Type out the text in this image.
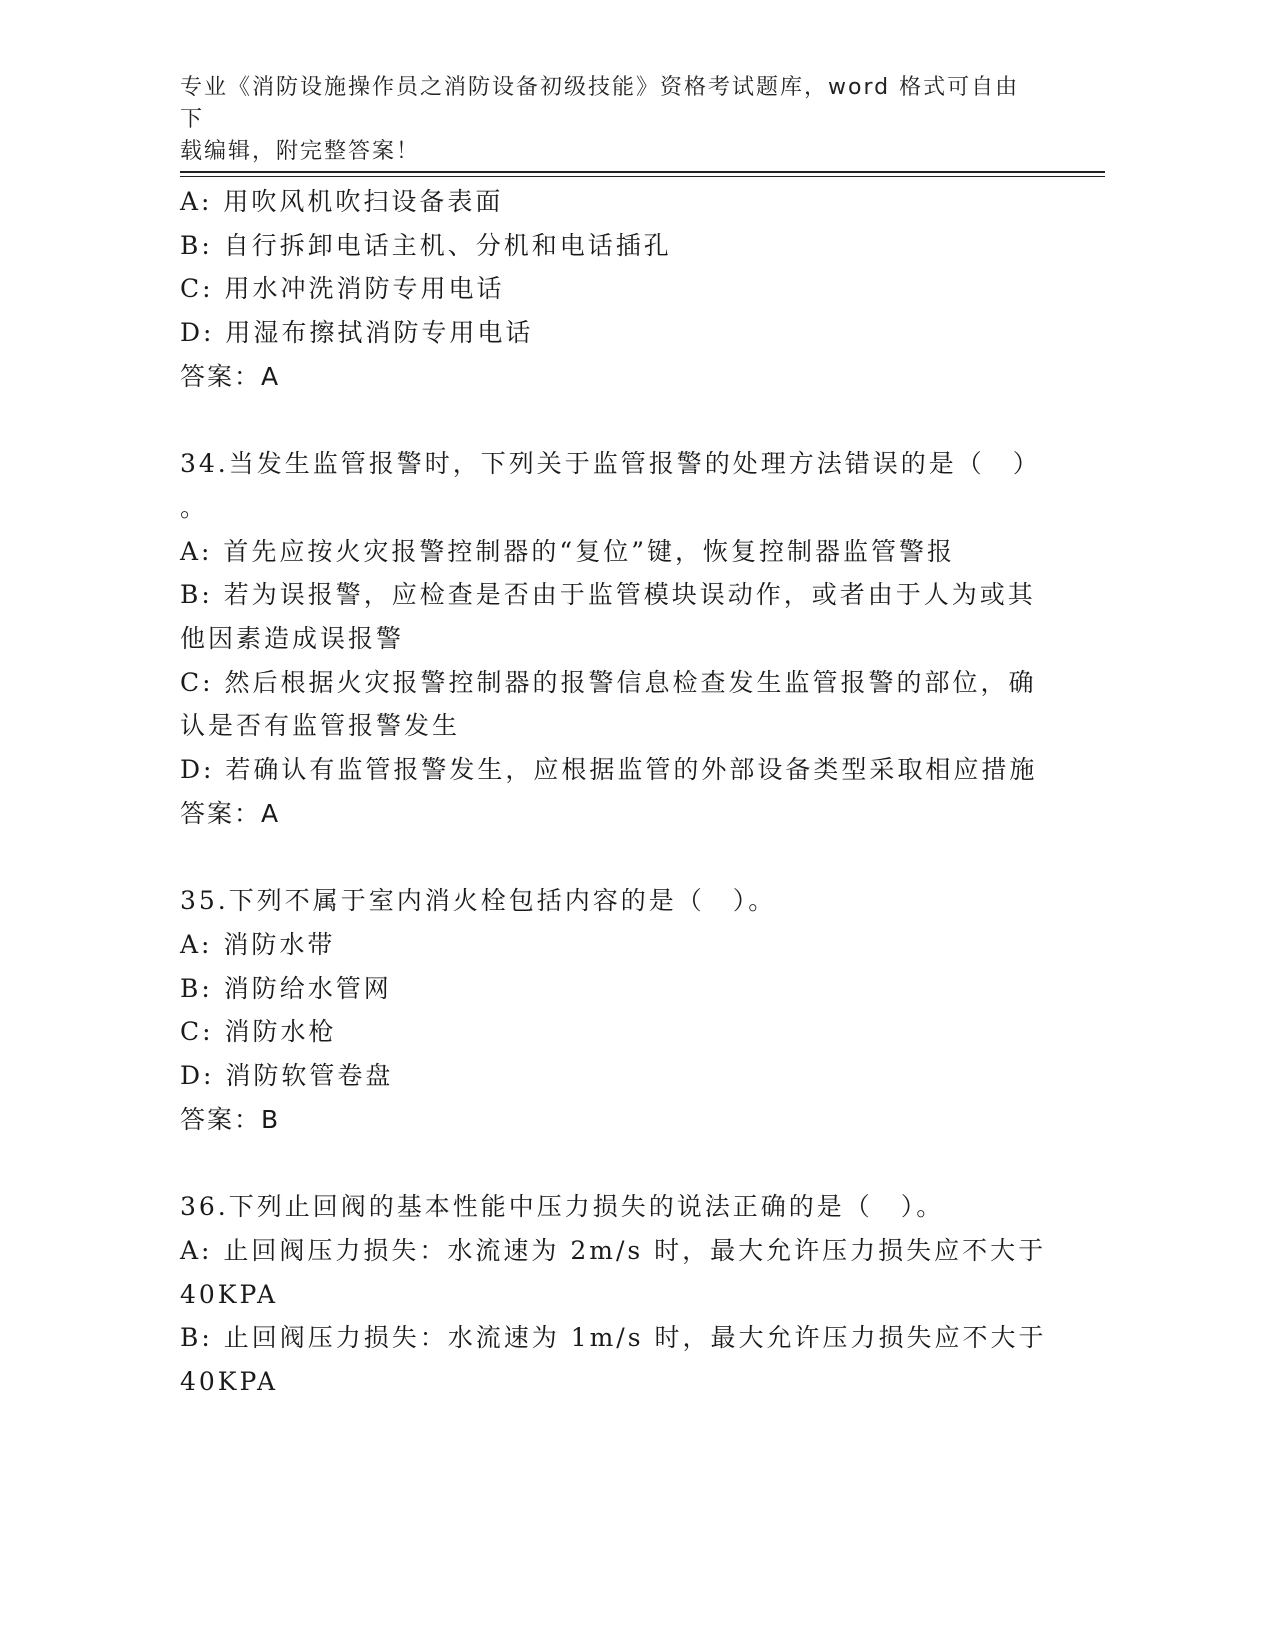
专业《消防设施操作员之消防设备初级技能》资格考试题库，word 格式可自由下
载编辑，附完整答案！
A: 用吹风机吹扫设备表面
B: 自行拆卸电话主机、分机和电话插孔
C: 用水冲洗消防专用电话
D: 用湿布擦拭消防专用电话
答案：A
34.当发生监管报警时，下列关于监管报警的处理方法错误的是（　）
。
A: 首先应按火灾报警控制器的“复位”键，恢复控制器监管警报
B: 若为误报警，应检查是否由于监管模块误动作，或者由于人为或其
他因素造成误报警
C: 然后根据火灾报警控制器的报警信息检查发生监管报警的部位，确
认是否有监管报警发生
D: 若确认有监管报警发生，应根据监管的外部设备类型采取相应措施
答案：A
35.下列不属于室内消火栓包括内容的是（　）。
A: 消防水带
B: 消防给水管网
C: 消防水枪
D: 消防软管卷盘
答案：B
36.下列止回阀的基本性能中压力损失的说法正确的是（　）。
A: 止回阀压力损失：水流速为 2m/s 时，最大允许压力损失应不大于
40KPA
B: 止回阀压力损失：水流速为 1m/s 时，最大允许压力损失应不大于
40KPA
